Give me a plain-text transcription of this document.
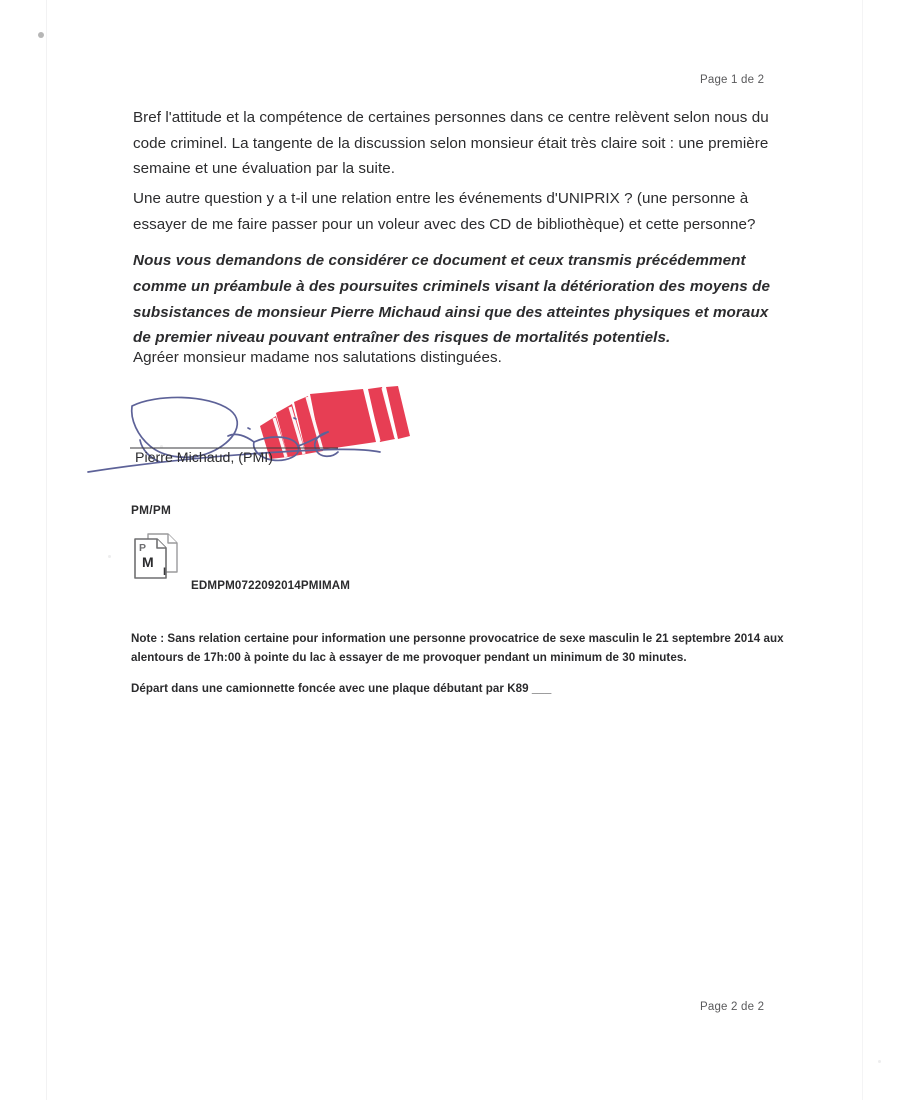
Page 1 de 2
Bref l'attitude et la compétence de certaines personnes dans ce centre relèvent selon nous du code criminel. La tangente de la discussion selon monsieur était très claire soit : une première semaine et une évaluation par la suite.
Une autre question y a t-il une relation entre les événements d'UNIPRIX ? (une personne à essayer de me faire passer pour un voleur avec des CD de bibliothèque) et cette personne?
Nous vous demandons de considérer ce document et ceux transmis précédemment comme un préambule à des poursuites criminels visant la détérioration des moyens de subsistances de monsieur Pierre Michaud ainsi que des atteintes physiques et moraux de premier niveau pouvant entraîner des risques de mortalités potentiels.
Agréer monsieur madame nos salutations distinguées.
Pierre Michaud, (PMI)
PM/PM
P
M
I
EDMPM0722092014PMIMAM
Note : Sans relation certaine pour information une personne provocatrice de sexe masculin le 21 septembre 2014 aux alentours de 17h:00 à pointe du lac à essayer de me provoquer pendant un minimum de 30 minutes.
Départ dans une camionnette foncée avec une plaque débutant par K89 ___
Page 2 de 2
